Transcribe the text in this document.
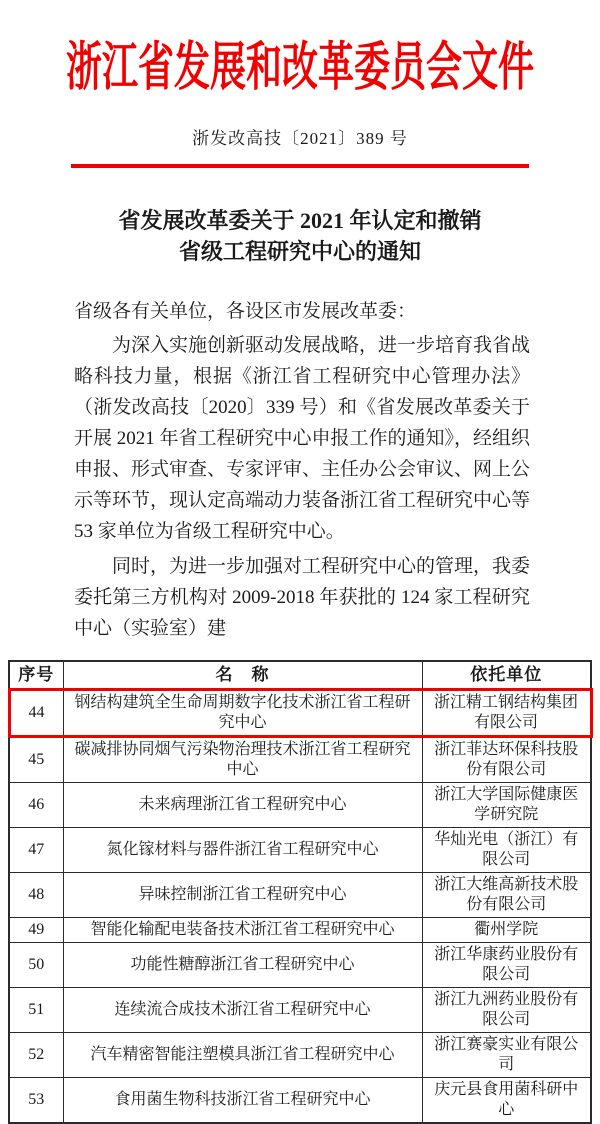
浙江省发展和改革委员会文件
浙发改高技〔2021〕389 号
省发展改革委关于 2021 年认定和撤销
省级工程研究中心的通知
省级各有关单位，各设区市发展改革委：

为深入实施创新驱动发展战略，进一步培育我省战略科技力量，根据《浙江省工程研究中心管理办法》（浙发改高技〔2020〕339 号）和《省发展改革委关于开展 2021 年省工程研究中心申报工作的通知》，经组织申报、形式审查、专家评审、主任办公会审议、网上公示等环节，现认定高端动力装备浙江省工程研究中心等 53 家单位为省级工程研究中心。

同时，为进一步加强对工程研究中心的管理，我委委托第三方机构对 2009-2018 年获批的 124 家工程研究中心（实验室）建

序号	名　称	依托单位
44	钢结构建筑全生命周期数字化技术浙江省工程研究中心	浙江精工钢结构集团有限公司
45	碳减排协同烟气污染物治理技术浙江省工程研究中心	浙江菲达环保科技股份有限公司
46	未来病理浙江省工程研究中心	浙江大学国际健康医学研究院
47	氮化镓材料与器件浙江省工程研究中心	华灿光电（浙江）有限公司
48	异味控制浙江省工程研究中心	浙江大维高新技术股份有限公司
49	智能化输配电装备技术浙江省工程研究中心	衢州学院
50	功能性糖醇浙江省工程研究中心	浙江华康药业股份有限公司
51	连续流合成技术浙江省工程研究中心	浙江九洲药业股份有限公司
52	汽车精密智能注塑模具浙江省工程研究中心	浙江赛豪实业有限公司
53	食用菌生物科技浙江省工程研究中心	庆元县食用菌科研中心
